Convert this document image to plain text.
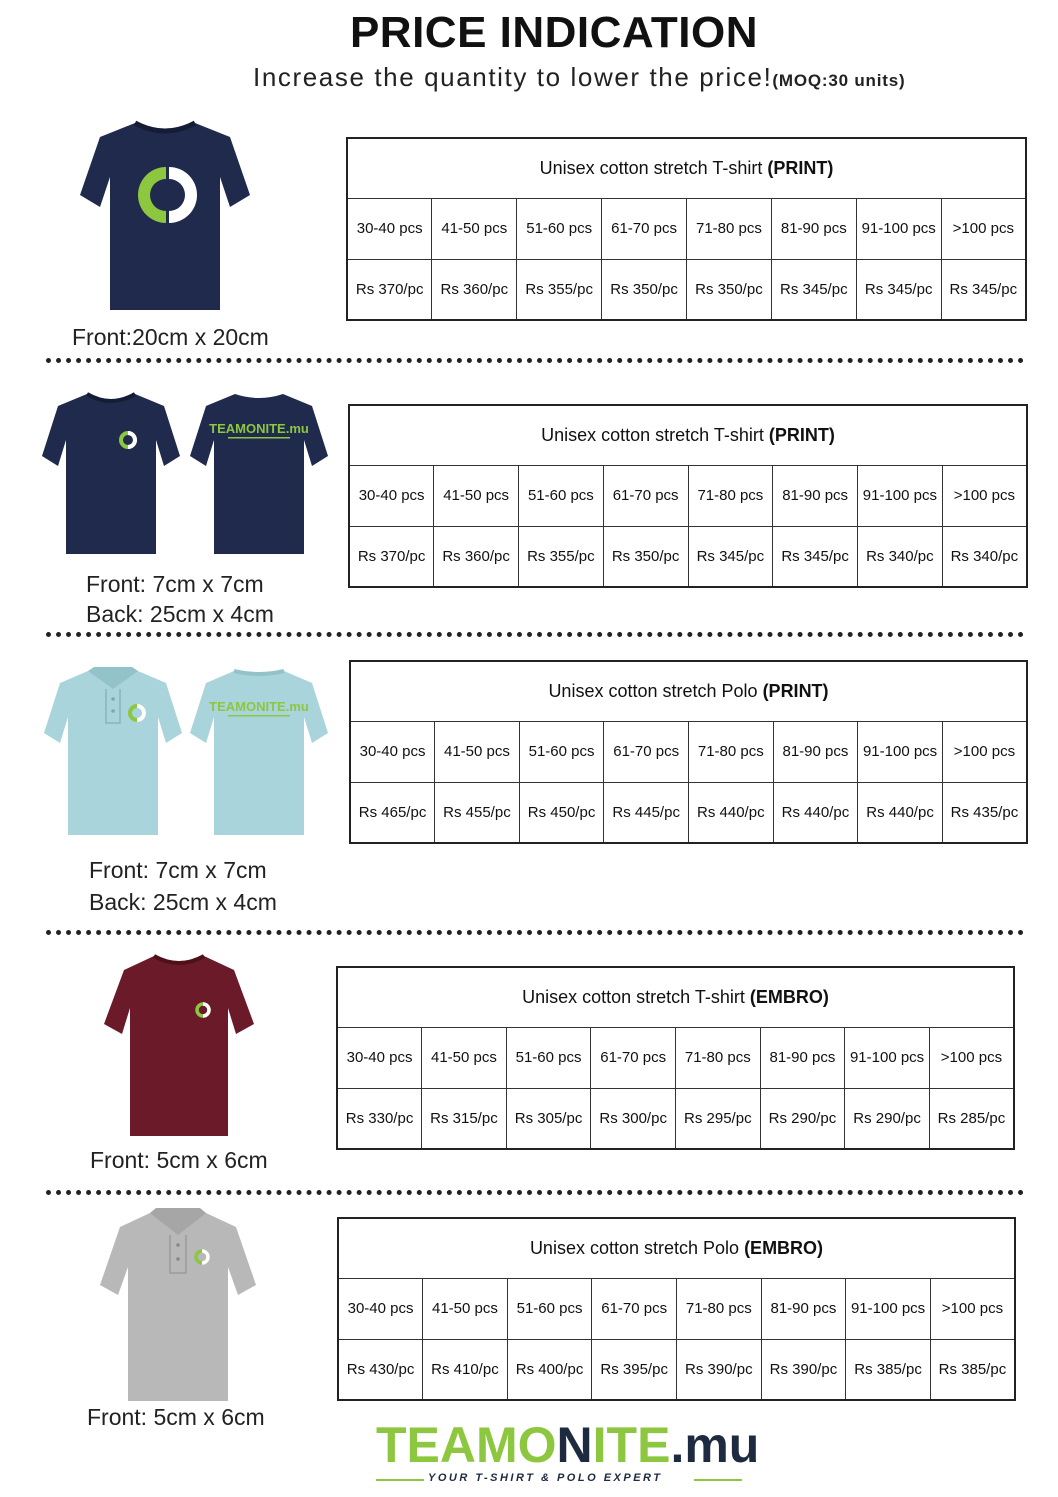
PRICE INDICATION
Increase the quantity to lower the price!(MOQ:30 units)
Front:20cm x 20cm
Unisex cotton stretch T-shirt (PRINT)							
30-40 pcs	41-50 pcs	51-60 pcs	61-70 pcs	71-80 pcs	81-90 pcs	91-100 pcs	>100 pcs
Rs 370/pc	Rs 360/pc	Rs 355/pc	Rs 350/pc	Rs 350/pc	Rs 345/pc	Rs 345/pc	Rs 345/pc
TEAMONITE.mu
Front: 7cm x 7cm
Back: 25cm x 4cm
Unisex cotton stretch T-shirt (PRINT)							
30-40 pcs	41-50 pcs	51-60 pcs	61-70 pcs	71-80 pcs	81-90 pcs	91-100 pcs	>100 pcs
Rs 370/pc	Rs 360/pc	Rs 355/pc	Rs 350/pc	Rs 345/pc	Rs 345/pc	Rs 340/pc	Rs 340/pc
TEAMONITE.mu
Front: 7cm x 7cm
Back: 25cm x 4cm
Unisex cotton stretch Polo (PRINT)							
30-40 pcs	41-50 pcs	51-60 pcs	61-70 pcs	71-80 pcs	81-90 pcs	91-100 pcs	>100 pcs
Rs 465/pc	Rs 455/pc	Rs 450/pc	Rs 445/pc	Rs 440/pc	Rs 440/pc	Rs 440/pc	Rs 435/pc
Front: 5cm x 6cm
Unisex cotton stretch T-shirt (EMBRO)							
30-40 pcs	41-50 pcs	51-60 pcs	61-70 pcs	71-80 pcs	81-90 pcs	91-100 pcs	>100 pcs
Rs 330/pc	Rs 315/pc	Rs 305/pc	Rs 300/pc	Rs 295/pc	Rs 290/pc	Rs 290/pc	Rs 285/pc
Front: 5cm x 6cm
Unisex cotton stretch Polo (EMBRO)							
30-40 pcs	41-50 pcs	51-60 pcs	61-70 pcs	71-80 pcs	81-90 pcs	91-100 pcs	>100 pcs
Rs 430/pc	Rs 410/pc	Rs 400/pc	Rs 395/pc	Rs 390/pc	Rs 390/pc	Rs 385/pc	Rs 385/pc
TEAMONITE.mu
YOUR T-SHIRT & POLO EXPERT
